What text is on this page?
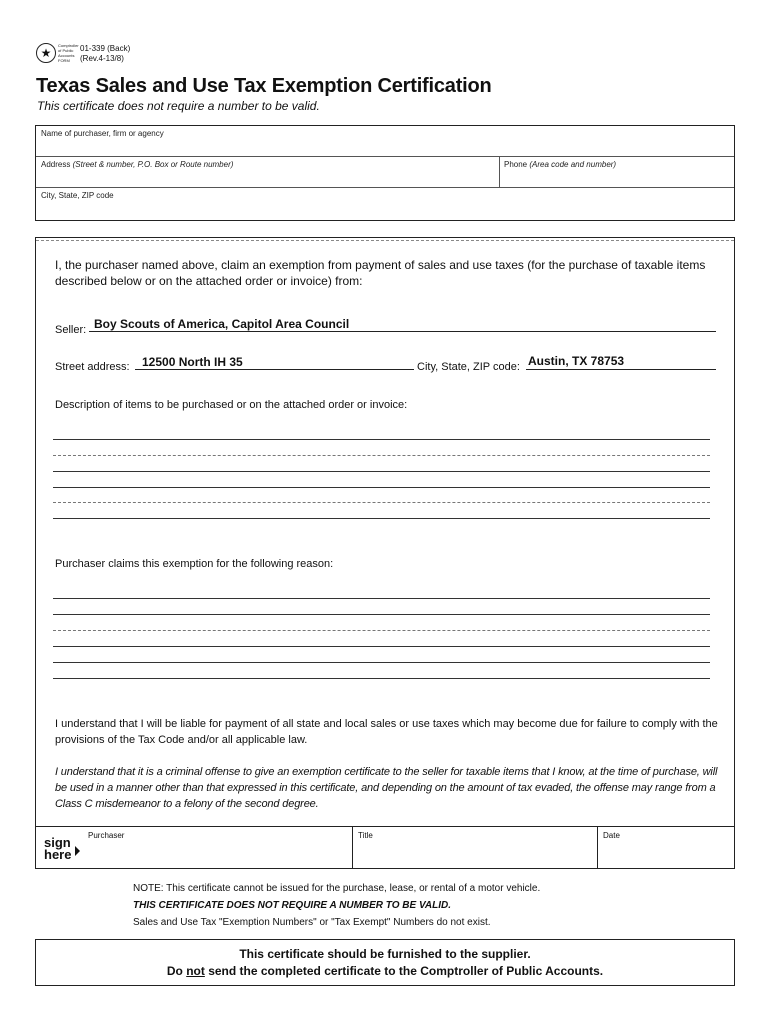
★
Comptroller
of Public
Accounts
FORM
01-339 (Back)
(Rev.4-13/8)
Texas Sales and Use Tax Exemption Certification
This certificate does not require a number to be valid.
Name of purchaser, firm or agency
Address (Street & number, P.O. Box or Route number)	Phone (Area code and number)
City, State, ZIP code
I, the purchaser named above, claim an exemption from payment of sales and use taxes (for the purchase of taxable items described below or on the attached order or invoice) from:
Seller: Boy Scouts of America, Capitol Area Council
Street address: 12500 North IH 35	City, State, ZIP code: Austin, TX 78753
Description of items to be purchased or on the attached order or invoice:
Purchaser claims this exemption for the following reason:
I understand that I will be liable for payment of all state and local sales or use taxes which may become due for failure to comply with the provisions of the Tax Code and/or all applicable law.
I understand that it is a criminal offense to give an exemption certificate to the seller for taxable items that I know, at the time of purchase, will be used in a manner other than that expressed in this certificate, and depending on the amount of tax evaded, the offense may range from a Class C misdemeanor to a felony of the second degree.
sign
here
Purchaser	Title	Date
NOTE: This certificate cannot be issued for the purchase, lease, or rental of a motor vehicle.
THIS CERTIFICATE DOES NOT REQUIRE A NUMBER TO BE VALID.
Sales and Use Tax "Exemption Numbers" or "Tax Exempt" Numbers do not exist.
This certificate should be furnished to the supplier.
Do not send the completed certificate to the Comptroller of Public Accounts.
